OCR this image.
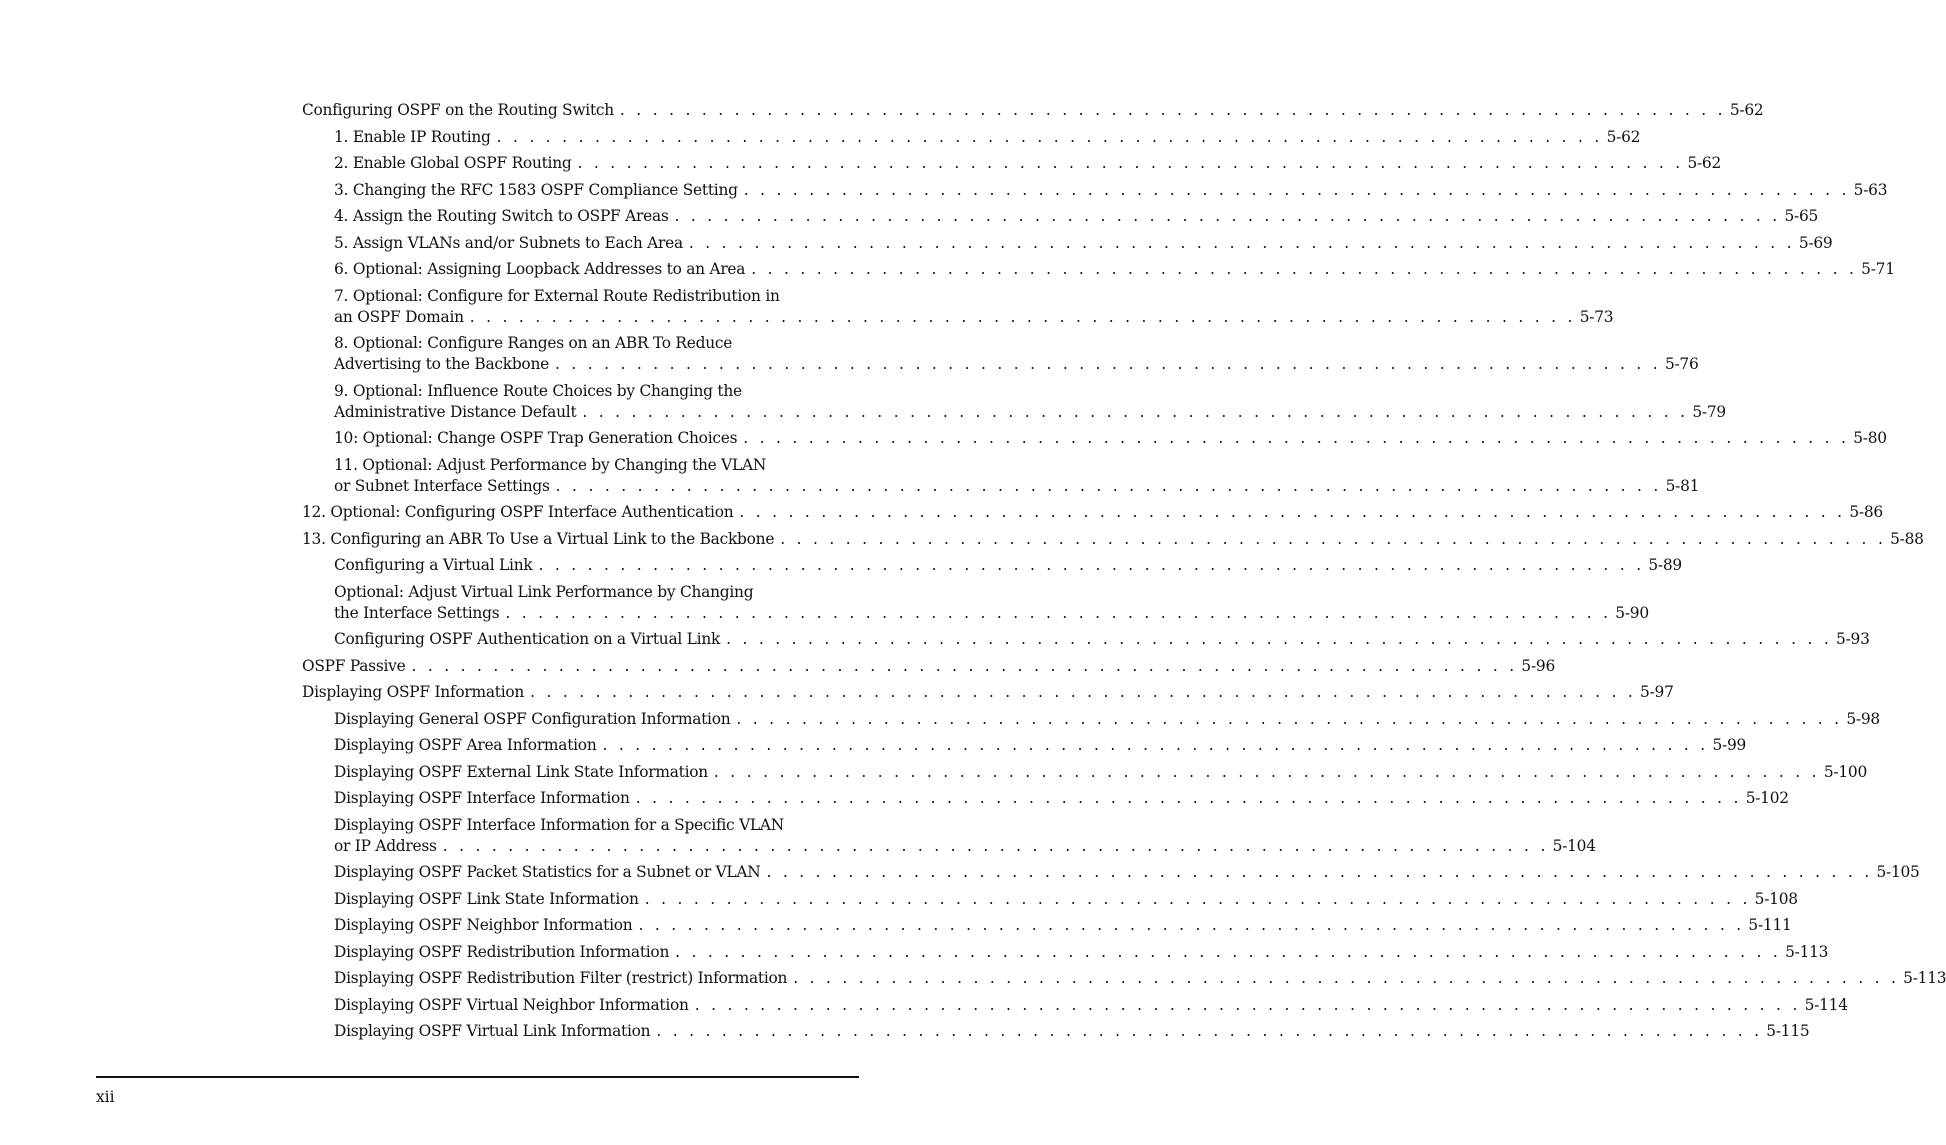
Configuring OSPF on the Routing Switch . . . . . . . . . . . . . . . . . . . . . . . . . . . . . . . . . . . . . . . . . . . . . . . . . . . . . . . . . . . . . . . . . . . . 5-62
1. Enable IP Routing . . . . . . . . . . . . . . . . . . . . . . . . . . . . . . . . . . . . . . . . . . . . . . . . . . . . . . . . . . . . . . . . . . . . 5-62
2. Enable Global OSPF Routing . . . . . . . . . . . . . . . . . . . . . . . . . . . . . . . . . . . . . . . . . . . . . . . . . . . . . . . . . . . . . . . . . . . . 5-62
3. Changing the RFC 1583 OSPF Compliance Setting . . . . . . . . . . . . . . . . . . . . . . . . . . . . . . . . . . . . . . . . . . . . . . . . . . . . . . . . . . . . . . . . . . . . 5-63
4. Assign the Routing Switch to OSPF Areas . . . . . . . . . . . . . . . . . . . . . . . . . . . . . . . . . . . . . . . . . . . . . . . . . . . . . . . . . . . . . . . . . . . . 5-65
5. Assign VLANs and/or Subnets to Each Area . . . . . . . . . . . . . . . . . . . . . . . . . . . . . . . . . . . . . . . . . . . . . . . . . . . . . . . . . . . . . . . . . . . . 5-69
6. Optional: Assigning Loopback Addresses to an Area . . . . . . . . . . . . . . . . . . . . . . . . . . . . . . . . . . . . . . . . . . . . . . . . . . . . . . . . . . . . . . . . . . . . 5-71
7. Optional: Configure for External Route Redistribution in
an OSPF Domain . . . . . . . . . . . . . . . . . . . . . . . . . . . . . . . . . . . . . . . . . . . . . . . . . . . . . . . . . . . . . . . . . . . . 5-73
8. Optional: Configure Ranges on an ABR To Reduce
Advertising to the Backbone . . . . . . . . . . . . . . . . . . . . . . . . . . . . . . . . . . . . . . . . . . . . . . . . . . . . . . . . . . . . . . . . . . . . 5-76
9. Optional: Influence Route Choices by Changing the
Administrative Distance Default . . . . . . . . . . . . . . . . . . . . . . . . . . . . . . . . . . . . . . . . . . . . . . . . . . . . . . . . . . . . . . . . . . . . 5-79
10: Optional: Change OSPF Trap Generation Choices . . . . . . . . . . . . . . . . . . . . . . . . . . . . . . . . . . . . . . . . . . . . . . . . . . . . . . . . . . . . . . . . . . . . 5-80
11. Optional: Adjust Performance by Changing the VLAN
or Subnet Interface Settings . . . . . . . . . . . . . . . . . . . . . . . . . . . . . . . . . . . . . . . . . . . . . . . . . . . . . . . . . . . . . . . . . . . . 5-81
12. Optional: Configuring OSPF Interface Authentication . . . . . . . . . . . . . . . . . . . . . . . . . . . . . . . . . . . . . . . . . . . . . . . . . . . . . . . . . . . . . . . . . . . . 5-86
13. Configuring an ABR To Use a Virtual Link to the Backbone . . . . . . . . . . . . . . . . . . . . . . . . . . . . . . . . . . . . . . . . . . . . . . . . . . . . . . . . . . . . . . . . . . . . 5-88
Configuring a Virtual Link . . . . . . . . . . . . . . . . . . . . . . . . . . . . . . . . . . . . . . . . . . . . . . . . . . . . . . . . . . . . . . . . . . . . 5-89
Optional: Adjust Virtual Link Performance by Changing
the Interface Settings . . . . . . . . . . . . . . . . . . . . . . . . . . . . . . . . . . . . . . . . . . . . . . . . . . . . . . . . . . . . . . . . . . . . 5-90
Configuring OSPF Authentication on a Virtual Link . . . . . . . . . . . . . . . . . . . . . . . . . . . . . . . . . . . . . . . . . . . . . . . . . . . . . . . . . . . . . . . . . . . . 5-93
OSPF Passive . . . . . . . . . . . . . . . . . . . . . . . . . . . . . . . . . . . . . . . . . . . . . . . . . . . . . . . . . . . . . . . . . . . . 5-96
Displaying OSPF Information . . . . . . . . . . . . . . . . . . . . . . . . . . . . . . . . . . . . . . . . . . . . . . . . . . . . . . . . . . . . . . . . . . . . 5-97
Displaying General OSPF Configuration Information . . . . . . . . . . . . . . . . . . . . . . . . . . . . . . . . . . . . . . . . . . . . . . . . . . . . . . . . . . . . . . . . . . . . 5-98
Displaying OSPF Area Information . . . . . . . . . . . . . . . . . . . . . . . . . . . . . . . . . . . . . . . . . . . . . . . . . . . . . . . . . . . . . . . . . . . . 5-99
Displaying OSPF External Link State Information . . . . . . . . . . . . . . . . . . . . . . . . . . . . . . . . . . . . . . . . . . . . . . . . . . . . . . . . . . . . . . . . . . . . 5-100
Displaying OSPF Interface Information . . . . . . . . . . . . . . . . . . . . . . . . . . . . . . . . . . . . . . . . . . . . . . . . . . . . . . . . . . . . . . . . . . . . 5-102
Displaying OSPF Interface Information for a Specific VLAN
or IP Address . . . . . . . . . . . . . . . . . . . . . . . . . . . . . . . . . . . . . . . . . . . . . . . . . . . . . . . . . . . . . . . . . . . . 5-104
Displaying OSPF Packet Statistics for a Subnet or VLAN . . . . . . . . . . . . . . . . . . . . . . . . . . . . . . . . . . . . . . . . . . . . . . . . . . . . . . . . . . . . . . . . . . . . 5-105
Displaying OSPF Link State Information . . . . . . . . . . . . . . . . . . . . . . . . . . . . . . . . . . . . . . . . . . . . . . . . . . . . . . . . . . . . . . . . . . . . 5-108
Displaying OSPF Neighbor Information . . . . . . . . . . . . . . . . . . . . . . . . . . . . . . . . . . . . . . . . . . . . . . . . . . . . . . . . . . . . . . . . . . . . 5-111
Displaying OSPF Redistribution Information . . . . . . . . . . . . . . . . . . . . . . . . . . . . . . . . . . . . . . . . . . . . . . . . . . . . . . . . . . . . . . . . . . . . 5-113
Displaying OSPF Redistribution Filter (restrict) Information . . . . . . . . . . . . . . . . . . . . . . . . . . . . . . . . . . . . . . . . . . . . . . . . . . . . . . . . . . . . . . . . . . . . 5-113
Displaying OSPF Virtual Neighbor Information . . . . . . . . . . . . . . . . . . . . . . . . . . . . . . . . . . . . . . . . . . . . . . . . . . . . . . . . . . . . . . . . . . . . 5-114
Displaying OSPF Virtual Link Information . . . . . . . . . . . . . . . . . . . . . . . . . . . . . . . . . . . . . . . . . . . . . . . . . . . . . . . . . . . . . . . . . . . . 5-115
xii
